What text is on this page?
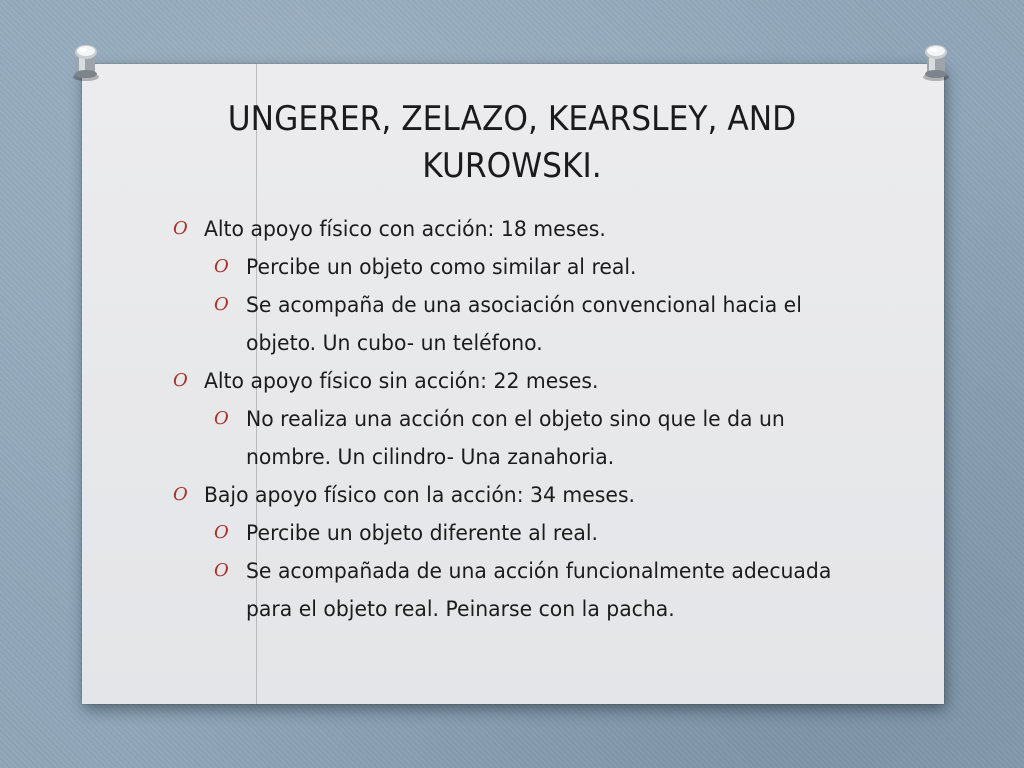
UNGERER, ZELAZO, KEARSLEY, AND KUROWSKI.
O Alto apoyo físico con acción: 18 meses.
O Percibe un objeto como similar al real.
O Se acompaña de una asociación convencional hacia el objeto. Un cubo- un teléfono.
O Alto apoyo físico sin acción: 22 meses.
O No realiza una acción con el objeto sino que le da un nombre. Un cilindro- Una zanahoria.
O Bajo apoyo físico con la acción: 34 meses.
O Percibe un objeto diferente al real.
O Se acompañada de una acción funcionalmente adecuada para el objeto real. Peinarse con la pacha.
